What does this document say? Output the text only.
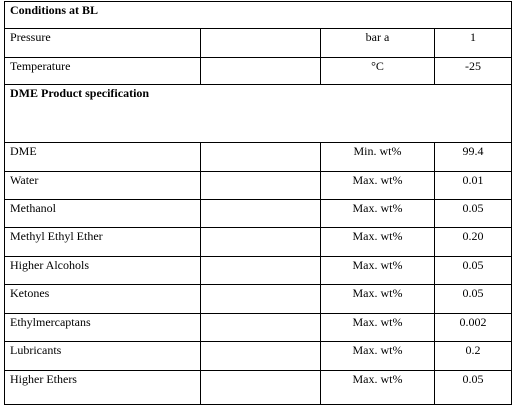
Conditions at BL			
Pressure		bar a	1
Temperature		°C	-25
DME Product specification			
DME		Min. wt%	99.4
Water		Max. wt%	0.01
Methanol		Max. wt%	0.05
Methyl Ethyl Ether		Max. wt%	0.20
Higher Alcohols		Max. wt%	0.05
Ketones		Max. wt%	0.05
Ethylmercaptans		Max. wt%	0.002
Lubricants		Max. wt%	0.2
Higher Ethers		Max. wt%	0.05
